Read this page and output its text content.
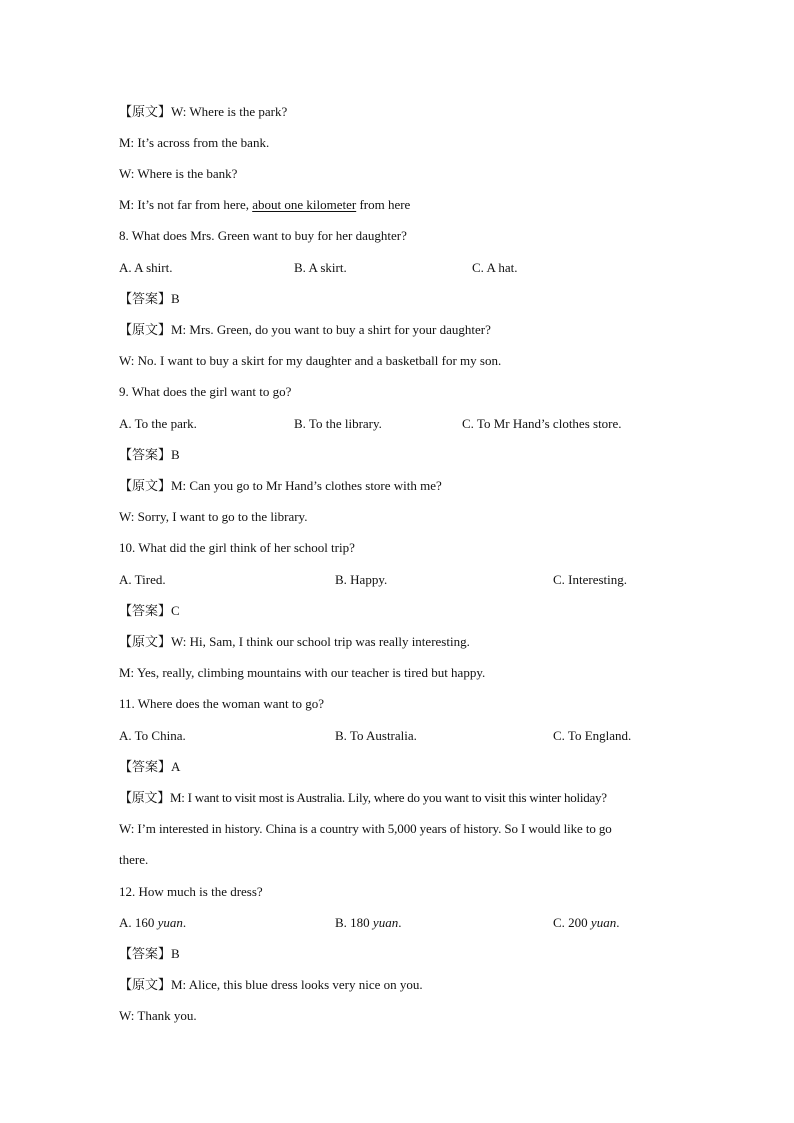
【原文】W: Where is the park?
M: It’s across from the bank.
W: Where is the bank?
M: It’s not far from here, about one kilometer from here
8. What does Mrs. Green want to buy for her daughter?
A. A shirt.	B. A skirt.	C. A hat.
【答案】B
【原文】M: Mrs. Green, do you want to buy a shirt for your daughter?
W: No. I want to buy a skirt for my daughter and a basketball for my son.
9. What does the girl want to go?
A. To the park.	B. To the library.	C. To Mr Hand’s clothes store.
【答案】B
【原文】M: Can you go to Mr Hand’s clothes store with me?
W: Sorry, I want to go to the library.
10. What did the girl think of her school trip?
A. Tired.	B. Happy.	C. Interesting.
【答案】C
【原文】W: Hi, Sam, I think our school trip was really interesting.
M: Yes, really, climbing mountains with our teacher is tired but happy.
11. Where does the woman want to go?
A. To China.	B. To Australia.	C. To England.
【答案】A
【原文】M: I want to visit most is Australia. Lily, where do you want to visit this winter holiday?
W: I’m interested in history. China is a country with 5,000 years of history. So I would like to go
there.
12. How much is the dress?
A. 160 yuan.	B. 180 yuan.	C. 200 yuan.
【答案】B
【原文】M: Alice, this blue dress looks very nice on you.
W: Thank you.
